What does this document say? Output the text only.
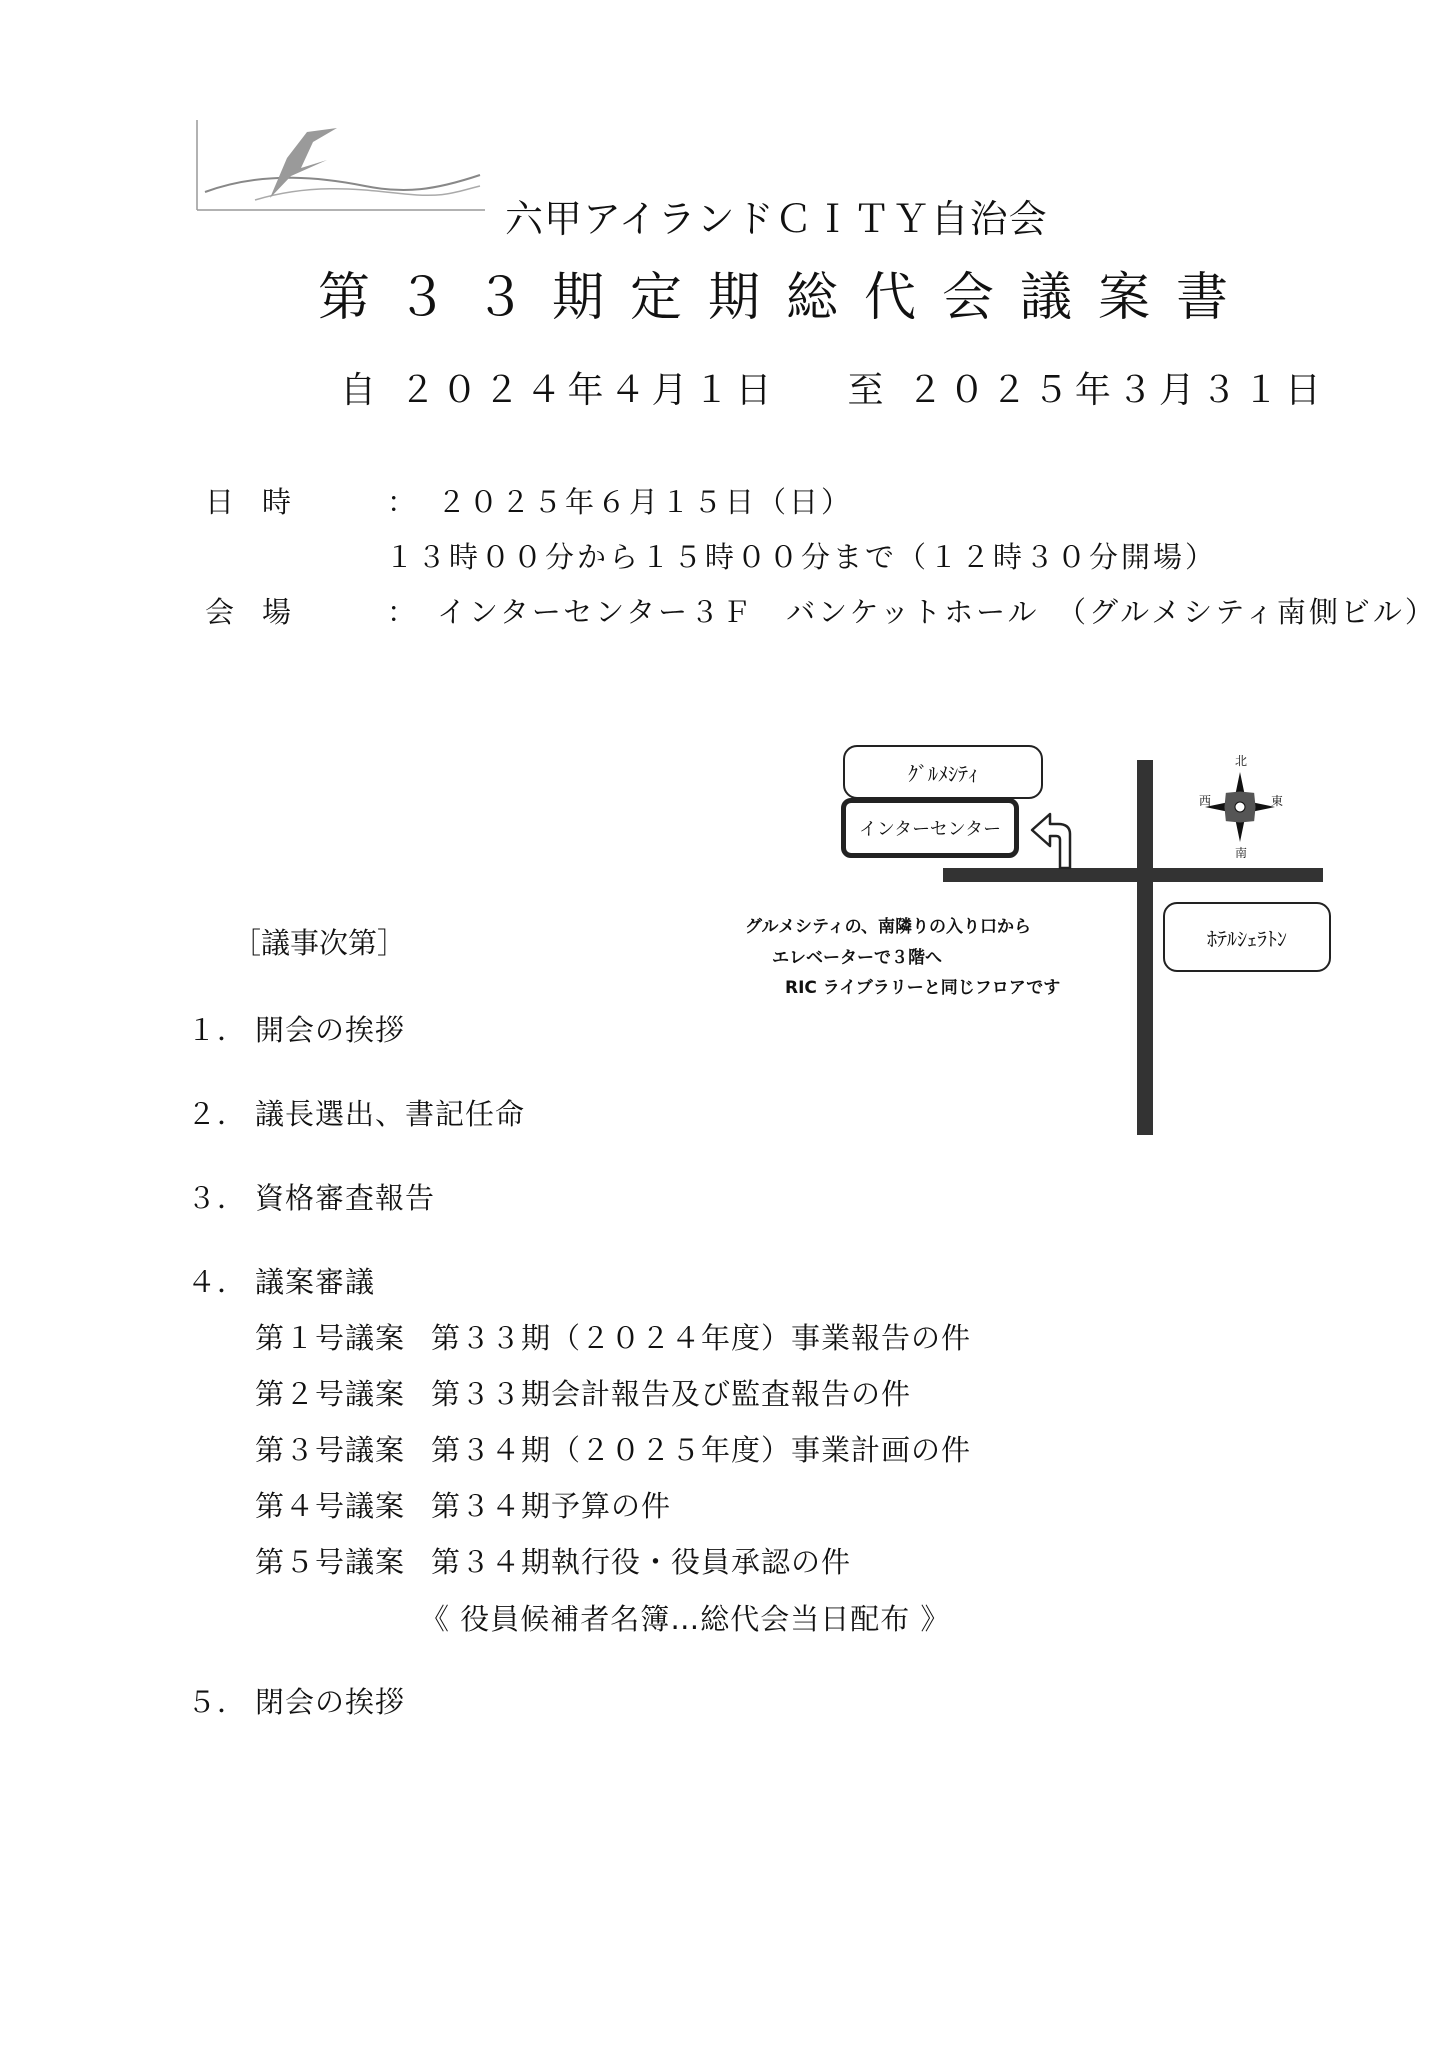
六甲アイランドＣＩＴＹ自治会
第３３期定期総代会議案書
自 ２０２４年４月１日 至 ２０２５年３月３１日
日時 ： ２０２５年６月１５日（日）
１３時００分から１５時００分まで（１２時３０分開場）
会場 ： インターセンター３Ｆ　バンケットホール　（グルメシティ南側ビル）
ｸﾞﾙﾒｼﾃｨ
インターセンター
ﾎﾃﾙｼｪﾗﾄﾝ
北
南
西	東
グルメシティの、南隣りの入り口から
エレベーターで３階へ
RIC ライブラリーと同じフロアです
［議事次第］
１． 開会の挨拶
２． 議長選出、書記任命
３． 資格審査報告
４． 議案審議
第１号議案 第３３期（２０２４年度）事業報告の件
第２号議案 第３３期会計報告及び監査報告の件
第３号議案 第３４期（２０２５年度）事業計画の件
第４号議案 第３４期予算の件
第５号議案 第３４期執行役・役員承認の件
《 役員候補者名簿…総代会当日配布 》
５． 閉会の挨拶
